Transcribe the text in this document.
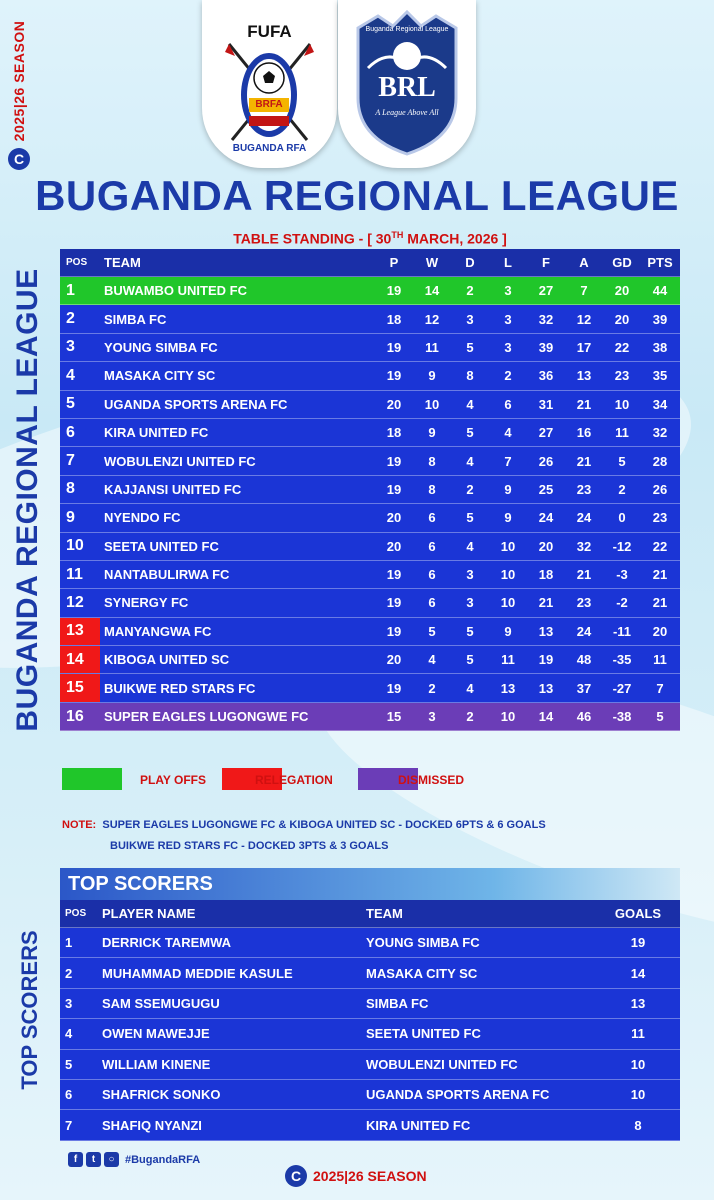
2025|26 SEASON
C
FUFA
BRFA
BUGANDA RFA
Buganda Regional League
BRL
A League Above All
BUGANDA REGIONAL LEAGUE
TABLE STANDING - [ 30TH MARCH, 2026 ]
BUGANDA REGIONAL LEAGUE
POS	TEAM	P	W	D	L	F	A	GD	PTS
1	BUWAMBO UNITED FC	19	14	2	3	27	7	20	44
2	SIMBA FC	18	12	3	3	32	12	20	39
3	YOUNG SIMBA FC	19	11	5	3	39	17	22	38
4	MASAKA CITY SC	19	9	8	2	36	13	23	35
5	UGANDA SPORTS ARENA FC	20	10	4	6	31	21	10	34
6	KIRA UNITED FC	18	9	5	4	27	16	11	32
7	WOBULENZI UNITED FC	19	8	4	7	26	21	5	28
8	KAJJANSI UNITED FC	19	8	2	9	25	23	2	26
9	NYENDO FC	20	6	5	9	24	24	0	23
10	SEETA UNITED FC	20	6	4	10	20	32	-12	22
11	NANTABULIRWA FC	19	6	3	10	18	21	-3	21
12	SYNERGY FC	19	6	3	10	21	23	-2	21
13	MANYANGWA FC	19	5	5	9	13	24	-11	20
14	KIBOGA UNITED SC	20	4	5	11	19	48	-35	11
15	BUIKWE RED STARS FC	19	2	4	13	13	37	-27	7
16	SUPER EAGLES LUGONGWE FC	15	3	2	10	14	46	-38	5
PLAY OFFS	RELEGATION	DISMISSED
NOTE: SUPER EAGLES LUGONGWE FC & KIBOGA UNITED SC - DOCKED 6PTS & 6 GOALS
BUIKWE RED STARS FC - DOCKED 3PTS & 3 GOALS
TOP SCORERS
TOP SCORERS
POS	PLAYER NAME	TEAM	GOALS
1	DERRICK TAREMWA	YOUNG SIMBA FC	19
2	MUHAMMAD MEDDIE KASULE	MASAKA CITY SC	14
3	SAM SSEMUGUGU	SIMBA FC	13
4	OWEN MAWEJJE	SEETA UNITED FC	11
5	WILLIAM KINENE	WOBULENZI UNITED FC	10
6	SHAFRICK SONKO	UGANDA SPORTS ARENA FC	10
7	SHAFIQ NYANZI	KIRA UNITED FC	8
f	t	○ #BugandaRFA
C 2025|26 SEASON
